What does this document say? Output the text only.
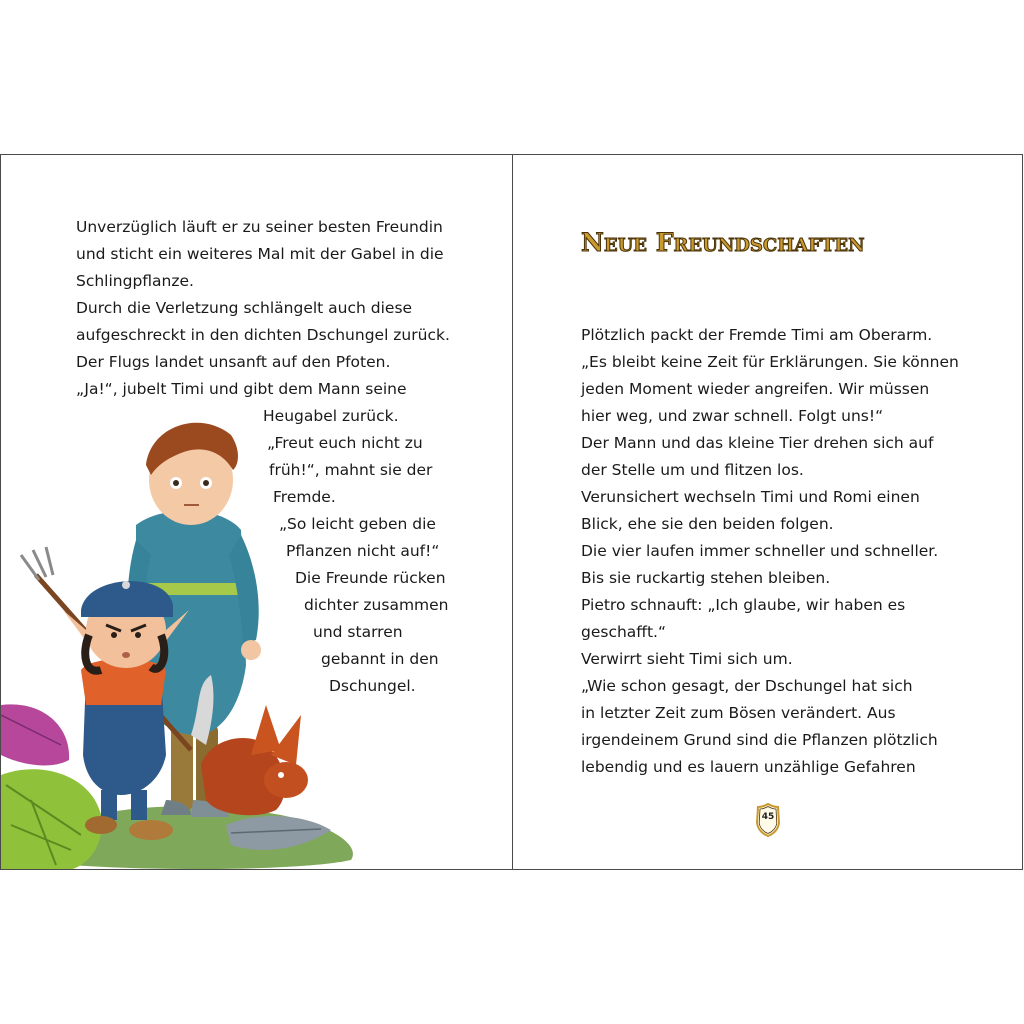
Unverzüglich läuft er zu seiner besten Freundin
und sticht ein weiteres Mal mit der Gabel in die
Schlingpflanze.
Durch die Verletzung schlängelt auch diese
aufgeschreckt in den dichten Dschungel zurück.
Der Flugs landet unsanft auf den Pfoten.
„Ja!“, jubelt Timi und gibt dem Mann seine
Heugabel zurück.
„Freut euch nicht zu
früh!“, mahnt sie der
Fremde.
„So leicht geben die
Pflanzen nicht auf!“
Die Freunde rücken
dichter zusammen
und starren
gebannt in den
Dschungel.
Neue Freundschaften
Plötzlich packt der Fremde Timi am Oberarm.
„Es bleibt keine Zeit für Erklärungen. Sie können
jeden Moment wieder angreifen. Wir müssen
hier weg, und zwar schnell. Folgt uns!“
Der Mann und das kleine Tier drehen sich auf
der Stelle um und flitzen los.
Verunsichert wechseln Timi und Romi einen
Blick, ehe sie den beiden folgen.
Die vier laufen immer schneller und schneller.
Bis sie ruckartig stehen bleiben.
Pietro schnauft: „Ich glaube, wir haben es
geschafft.“
Verwirrt sieht Timi sich um.
„Wie schon gesagt, der Dschungel hat sich
in letzter Zeit zum Bösen verändert. Aus
irgendeinem Grund sind die Pflanzen plötzlich
lebendig und es lauern unzählige Gefahren
45
